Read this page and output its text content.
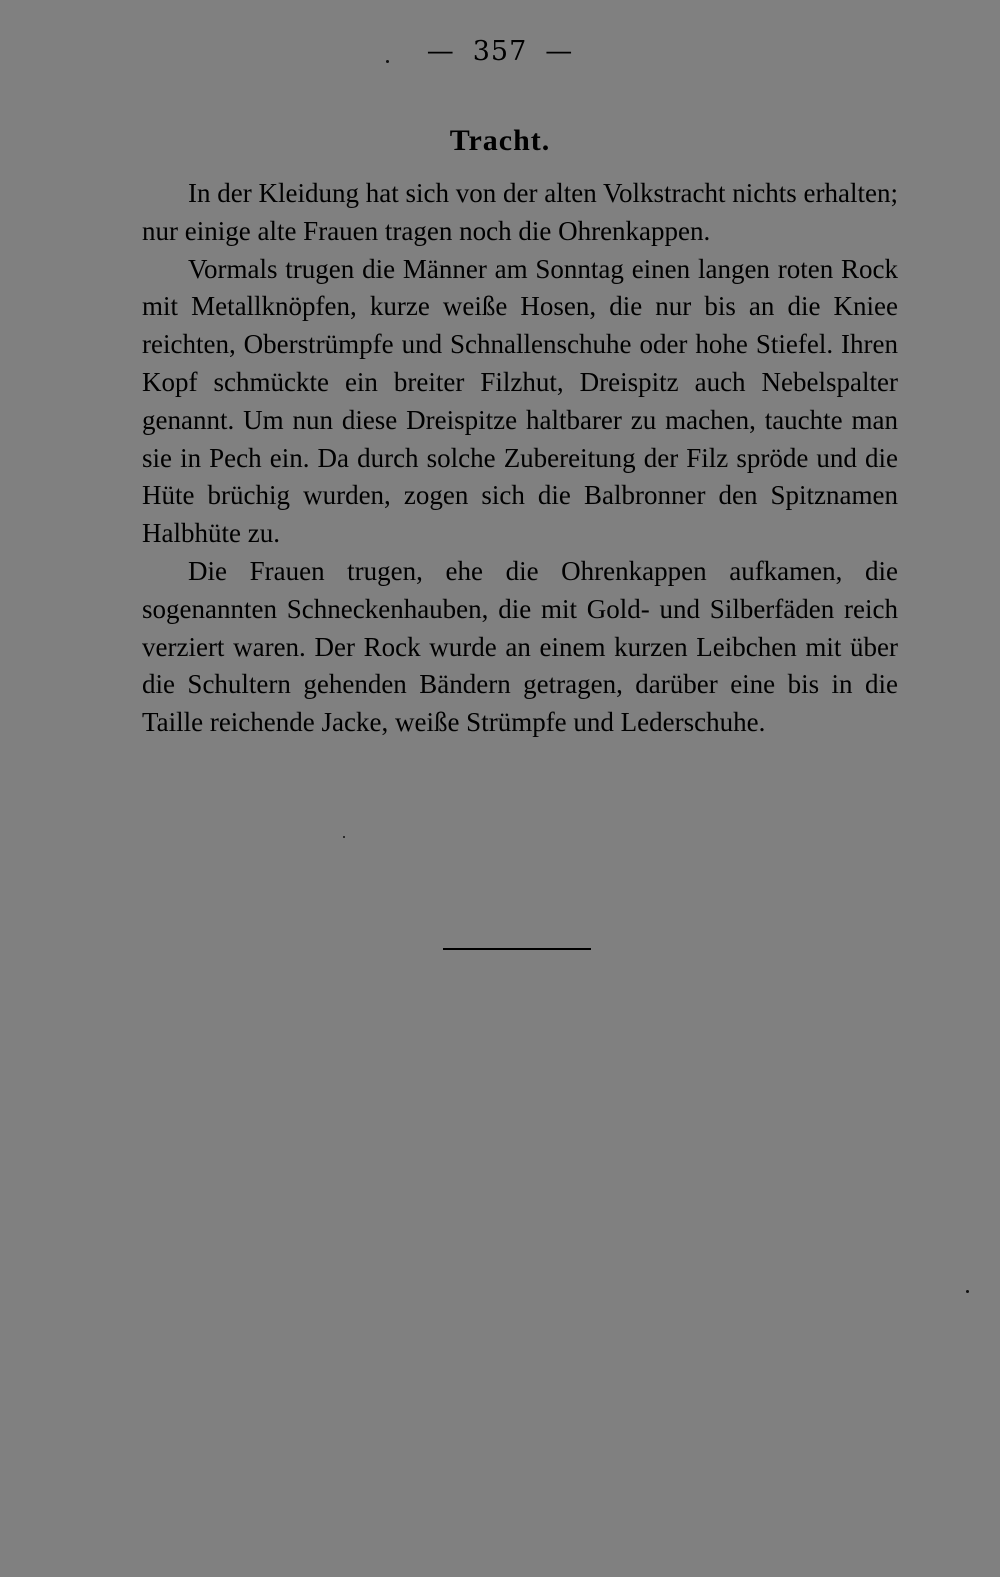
— 357 —
Tracht.

In der Kleidung hat sich von der alten Volkstracht nichts erhalten; nur einige alte Frauen tragen noch die Ohrenkappen.

Vormals trugen die Männer am Sonntag einen langen roten Rock mit Metallknöpfen, kurze weiße Hosen, die nur bis an die Kniee reichten, Oberstrümpfe und Schnallenschuhe oder hohe Stiefel. Ihren Kopf schmückte ein breiter Filzhut, Dreispitz auch Nebelspalter genannt. Um nun diese Dreispitze haltbarer zu machen, tauchte man sie in Pech ein. Da durch solche Zubereitung der Filz spröde und die Hüte brüchig wurden, zogen sich die Balbronner den Spitznamen Halbhüte zu.

Die Frauen trugen, ehe die Ohrenkappen aufkamen, die sogenannten Schneckenhauben, die mit Gold- und Silberfäden reich verziert waren. Der Rock wurde an einem kurzen Leibchen mit über die Schultern gehenden Bändern getragen, darüber eine bis in die Taille reichende Jacke, weiße Strümpfe und Lederschuhe.
